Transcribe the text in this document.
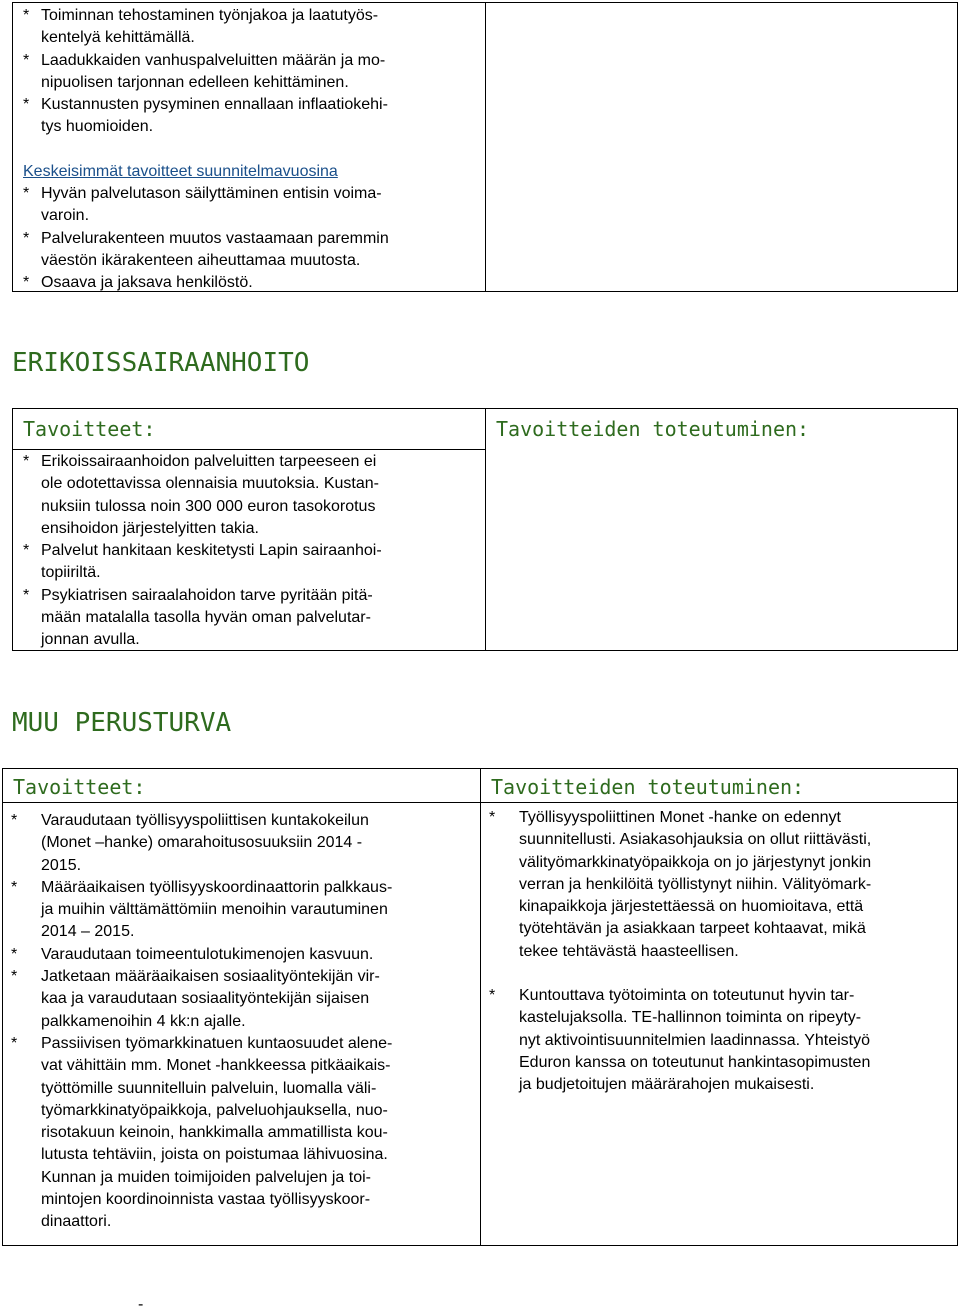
* Toiminnan tehostaminen työnjakoa ja laatutyös-
kentelyä kehittämällä.
* Laadukkaiden vanhuspalveluitten määrän ja mo-
nipuolisen tarjonnan edelleen kehittäminen.
* Kustannusten pysyminen ennallaan inflaatiokehi-
tys huomioiden.
Keskeisimmät tavoitteet suunnitelmavuosina
* Hyvän palvelutason säilyttäminen entisin voima-
varoin.
* Palvelurakenteen muutos vastaamaan paremmin
väestön ikärakenteen aiheuttamaa muutosta.
* Osaava ja jaksava henkilöstö.
ERIKOISSAIRAANHOITO
Tavoitteet:
* Erikoissairaanhoidon palveluitten tarpeeseen ei
ole odotettavissa olennaisia muutoksia. Kustan-
nuksiin tulossa noin 300 000 euron tasokorotus
ensihoidon järjestelyitten takia.
* Palvelut hankitaan keskitetysti Lapin sairaanhoi-
topiiriltä.
* Psykiatrisen sairaalahoidon tarve pyritään pitä-
mään matalalla tasolla hyvän oman palvelutar-
jonnan avulla.
Tavoitteiden toteutuminen:
MUU PERUSTURVA
Tavoitteet:
* Varaudutaan työllisyyspoliittisen kuntakokeilun
(Monet –hanke) omarahoitusosuuksiin 2014 -
2015.
* Määräaikaisen työllisyyskoordinaattorin palkkaus-
ja muihin välttämättömiin menoihin varautuminen
2014 – 2015.
* Varaudutaan toimeentulotukimenojen kasvuun.
* Jatketaan määräaikaisen sosiaalityöntekijän vir-
kaa ja varaudutaan sosiaalityöntekijän sijaisen
palkkamenoihin 4 kk:n ajalle.
* Passiivisen työmarkkinatuen kuntaosuudet alene-
vat vähittäin mm. Monet -hankkeessa pitkäaikais-
työttömille suunnitelluin palveluin, luomalla väli-
työmarkkinatyöpaikkoja, palveluohjauksella, nuo-
risotakuun keinoin, hankkimalla ammatillista kou-
lutusta tehtäviin, joista on poistumaa lähivuosina.
Kunnan ja muiden toimijoiden palvelujen ja toi-
mintojen koordinoinnista vastaa työllisyyskoor-
dinaattori.
Tavoitteiden toteutuminen:
* Työllisyyspoliittinen Monet -hanke on edennyt
suunnitellusti. Asiakasohjauksia on ollut riittävästi,
välityömarkkinatyöpaikkoja on jo järjestynyt jonkin
verran ja henkilöitä työllistynyt niihin. Välityömark-
kinapaikkoja järjestettäessä on huomioitava, että
työtehtävän ja asiakkaan tarpeet kohtaavat, mikä
tekee tehtävästä haasteellisen.
* Kuntouttava työtoiminta on toteutunut hyvin tar-
kastelujaksolla. TE-hallinnon toiminta on ripeyty-
nyt aktivointisuunnitelmien laadinnassa. Yhteistyö
Eduron kanssa on toteutunut hankintasopimusten
ja budjetoitujen määrärahojen mukaisesti.
-
